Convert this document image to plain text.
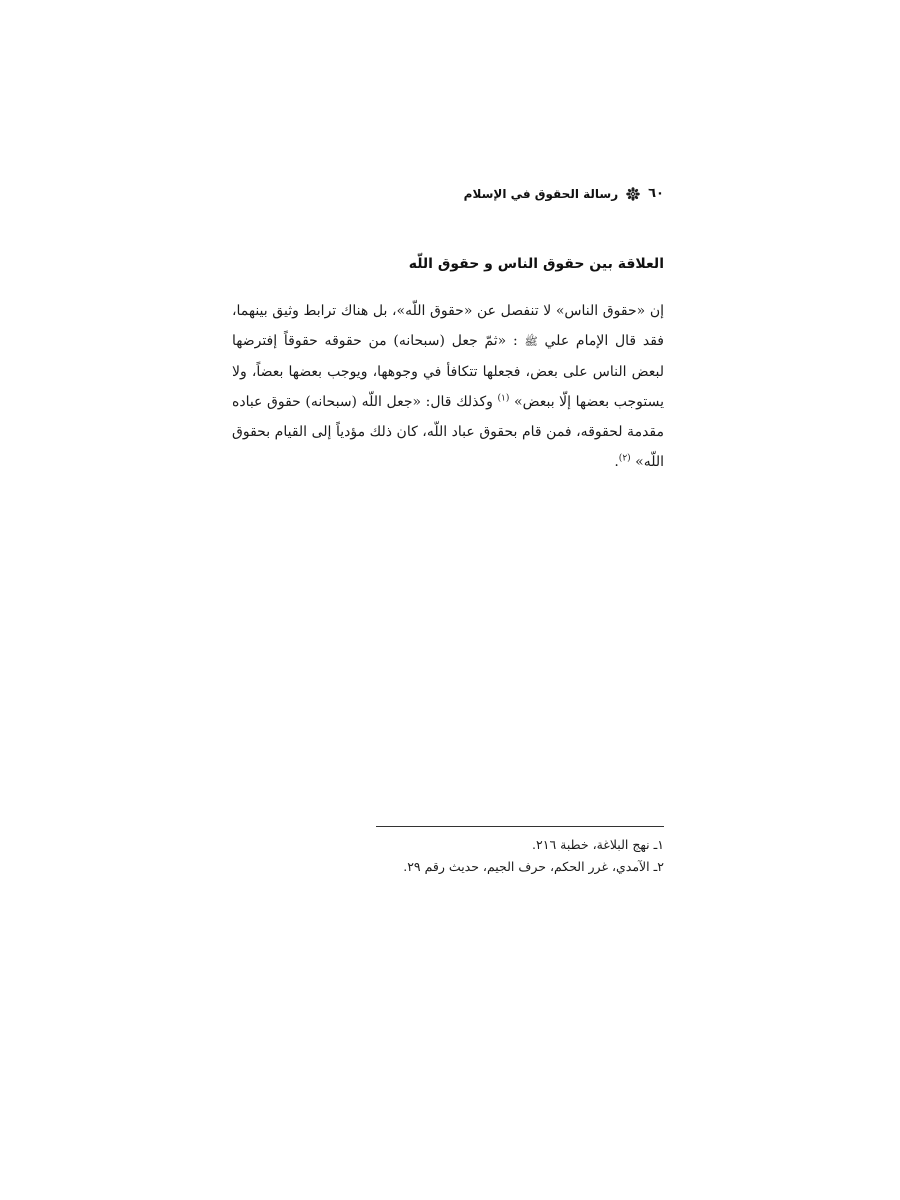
٦٠
رسالة الحقوق في الإسلام
العلاقة بين حقوق الناس و حقوق اللّه

إن «حقوق الناس» لا تنفصل عن «حقوق اللّه»، بل هناك ترابط وثيق بينهما، فقد قال الإمام علي ﷺ : «ثمّ جعل (سبحانه) من حقوقه حقوقاً إفترضها لبعض الناس على بعض، فجعلها تتكافأ في وجوهها، ويوجب بعضها بعضاً، ولا يستوجب بعضها إلّا ببعض» $^{(١)}$ وكذلك قال: «جعل اللّه (سبحانه) حقوق عباده مقدمة لحقوقه، فمن قام بحقوق عباد اللّه، كان ذلك مؤدياً إلى القيام بحقوق اللّه» $^{(٢)}$.

١ـ نهج البلاغة، خطبة ٢١٦.
٢ـ الآمدي، غرر الحكم، حرف الجيم، حديث رقم ٢٩.
